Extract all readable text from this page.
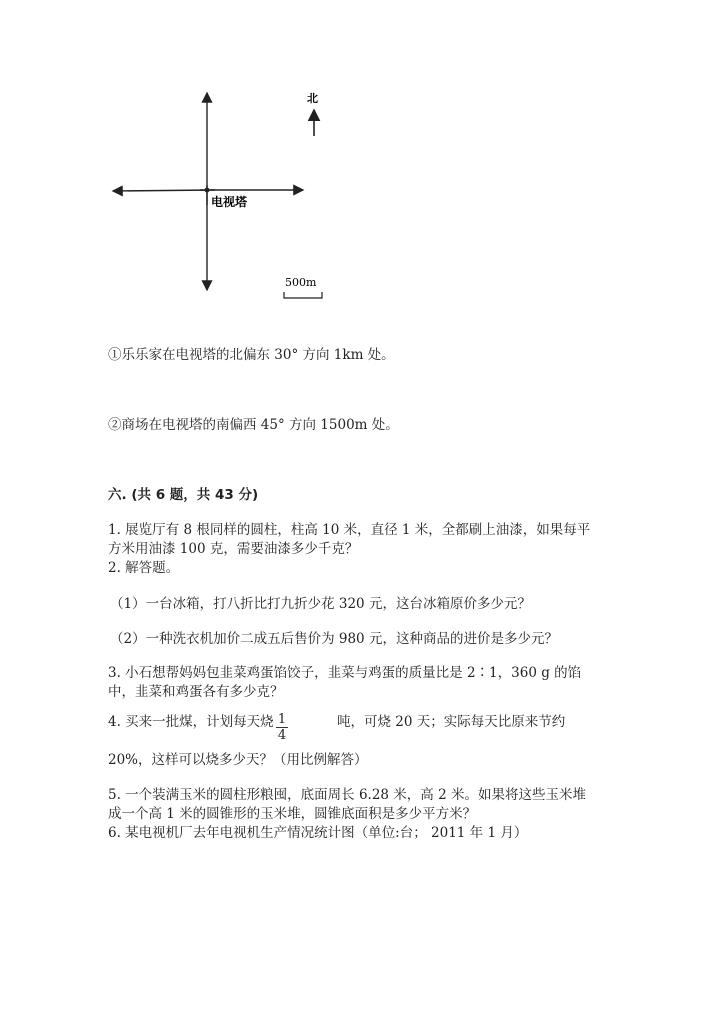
电视塔
北
500m
①乐乐家在电视塔的北偏东 30° 方向 1km 处。
②商场在电视塔的南偏西 45° 方向 1500m 处。
六. (共 6 题，共 43 分)
1. 展览厅有 8 根同样的圆柱，柱高 10 米，直径 1 米，全都刷上油漆，如果每平
方米用油漆 100 克，需要油漆多少千克？
2. 解答题。
（1）一台冰箱，打八折比打九折少花 320 元，这台冰箱原价多少元？
（2）一种洗衣机加价二成五后售价为 980 元，这种商品的进价是多少元？
3. 小石想帮妈妈包韭菜鸡蛋馅饺子，韭菜与鸡蛋的质量比是 2∶1，360 g 的馅
中，韭菜和鸡蛋各有多少克？
4. 买来一批煤，计划每天烧 $\frac{1}{4}$	吨，可烧 20 天；实际每天比原来节约
20%，这样可以烧多少天？（用比例解答）
5. 一个装满玉米的圆柱形粮囤，底面周长 6.28 米，高 2 米。如果将这些玉米堆
成一个高 1 米的圆锥形的玉米堆，圆锥底面积是多少平方米？
6. 某电视机厂去年电视机生产情况统计图（单位:台； 2011 年 1 月）
